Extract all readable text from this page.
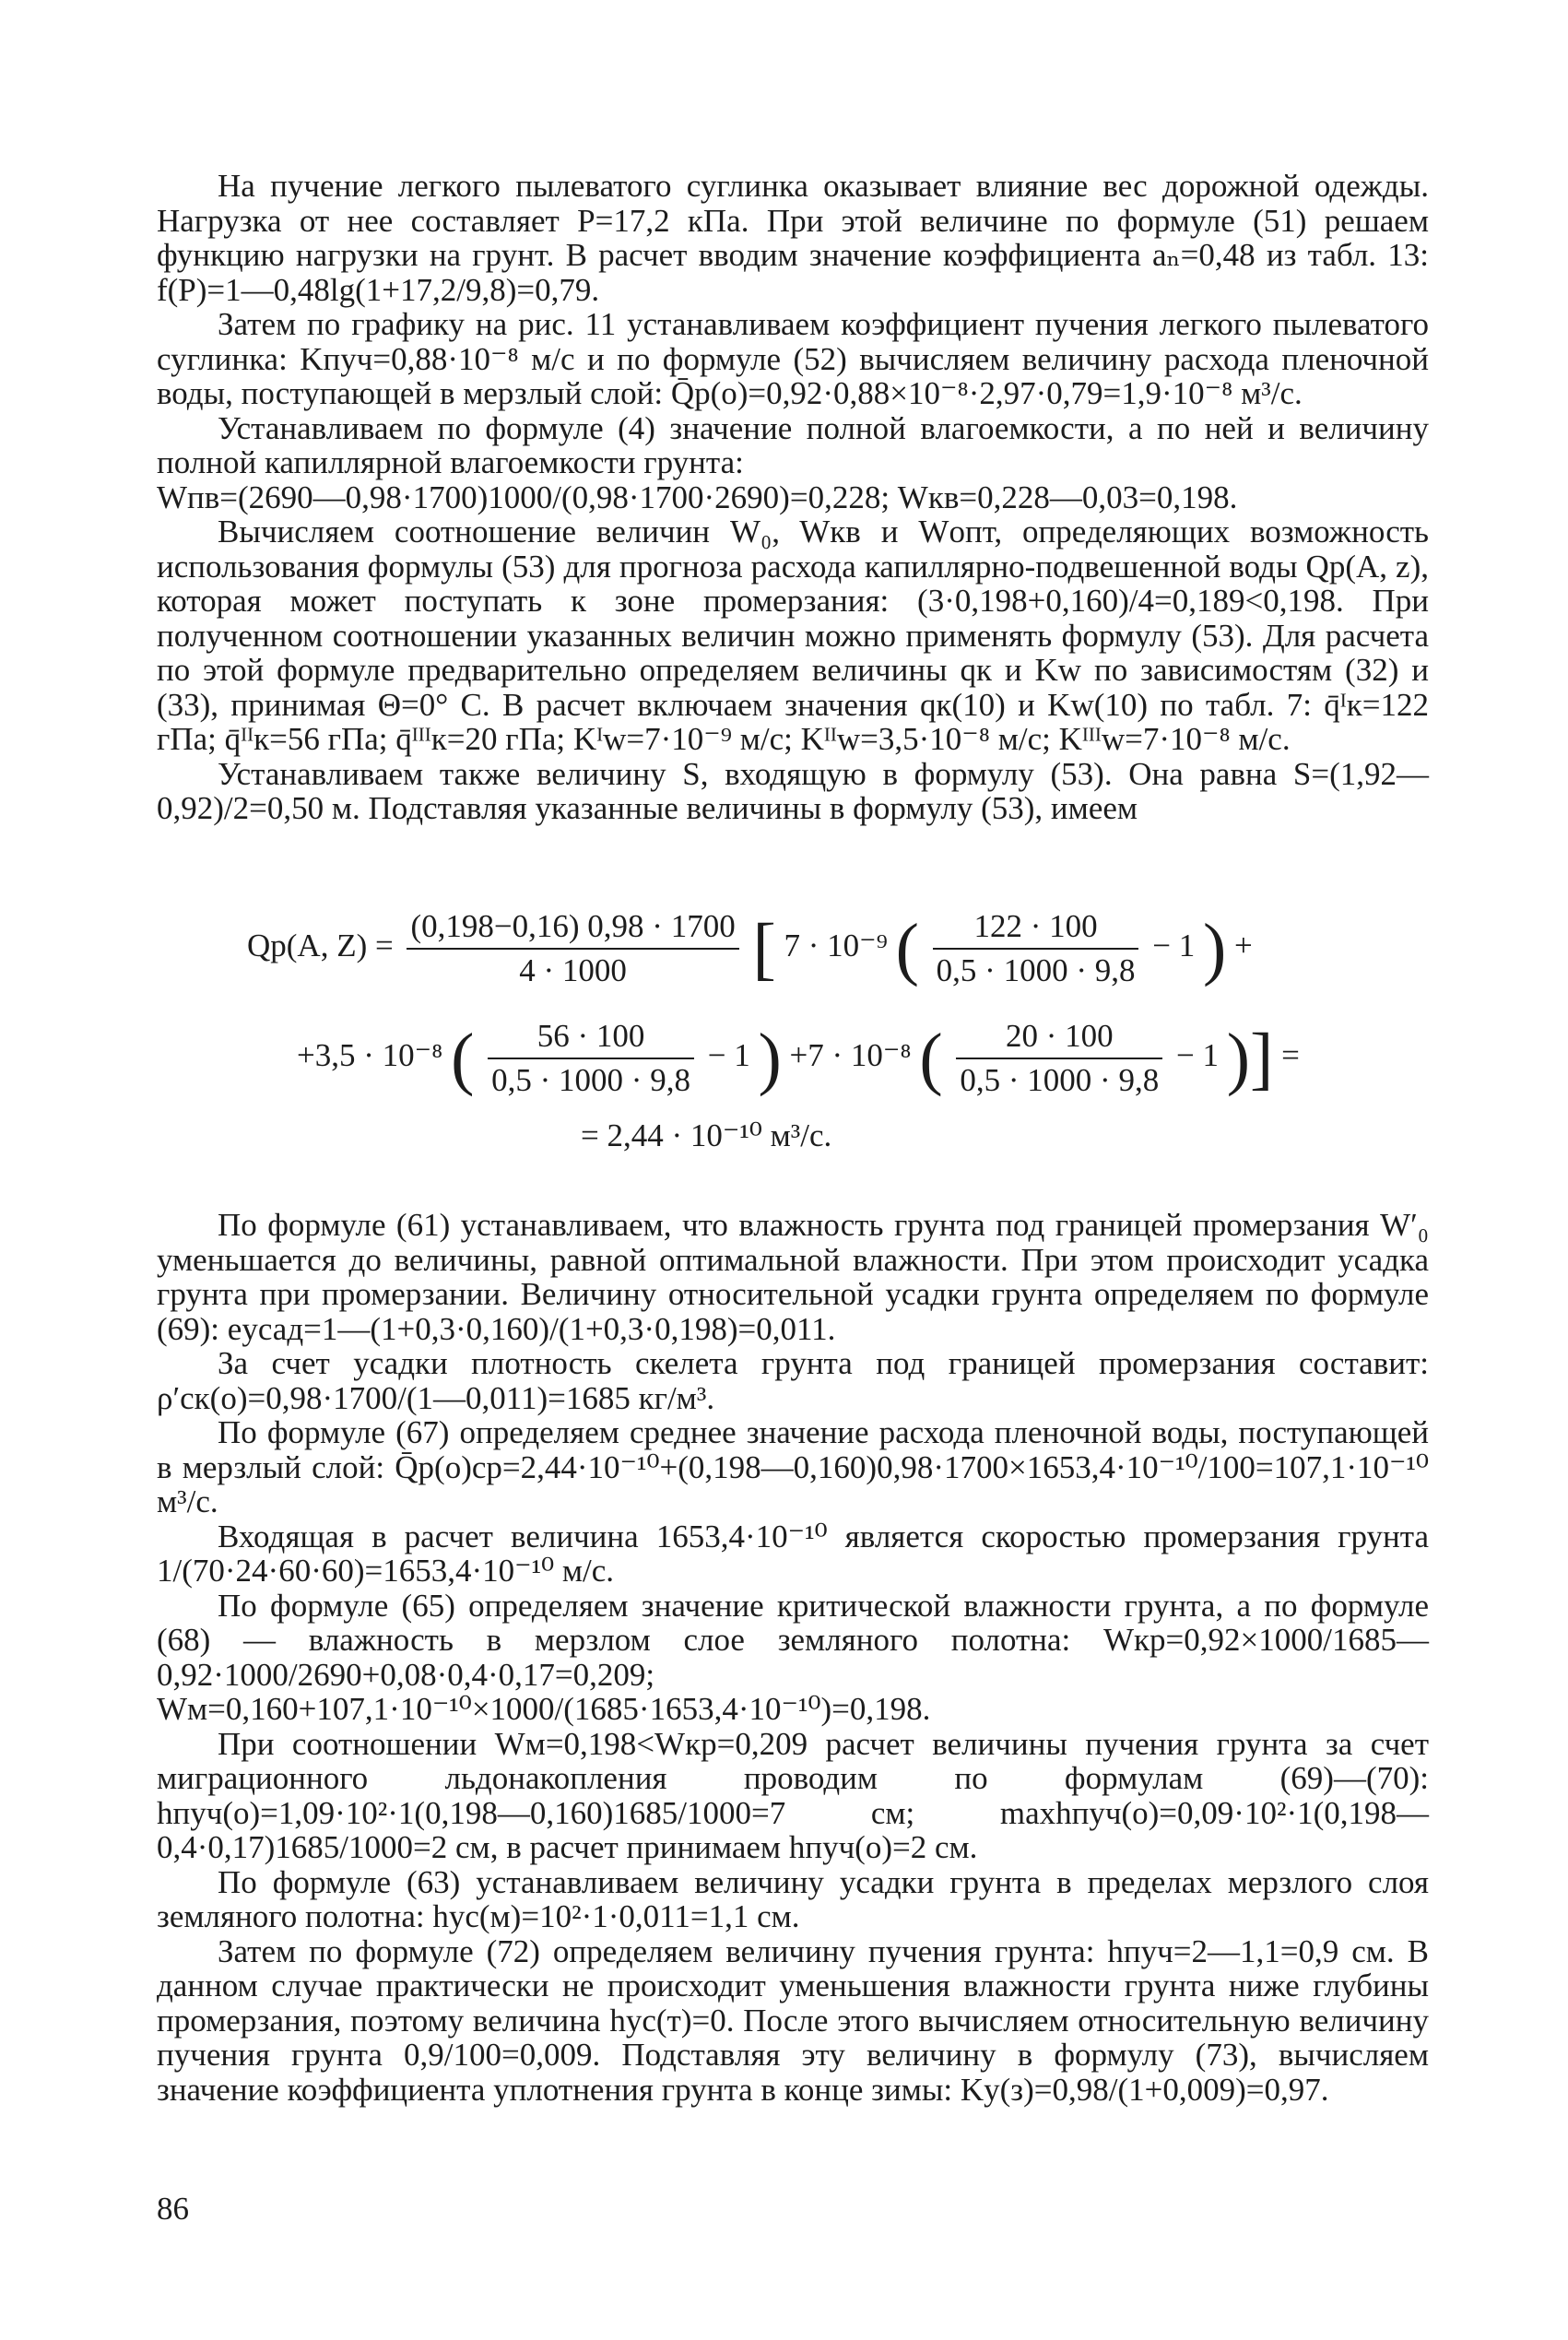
На пучение легкого пылеватого суглинка оказывает влияние вес дорожной одежды. Нагрузка от нее составляет P=17,2 кПа. При этой величине по формуле (51) решаем функцию нагрузки на грунт. В расчет вводим значение коэффициента aₙ=0,48 из табл. 13: f(P)=1—0,48lg(1+17,2/9,8)=0,79.

Затем по графику на рис. 11 устанавливаем коэффициент пучения легкого пылеватого суглинка: Kпуч=0,88·10⁻⁸ м/с и по формуле (52) вычисляем величину расхода пленочной воды, поступающей в мерзлый слой: Q̄р(о)=0,92·0,88×10⁻⁸·2,97·0,79=1,9·10⁻⁸ м³/с.

Устанавливаем по формуле (4) значение полной влагоемкости, а по ней и величину полной капиллярной влагоемкости грунта:

Wпв=(2690—0,98·1700)1000/(0,98·1700·2690)=0,228; Wкв=0,228—0,03=0,198.

Вычисляем соотношение величин W₀, Wкв и Wопт, определяющих возможность использования формулы (53) для прогноза расхода капиллярно-подвешенной воды Qр(A, z), которая может поступать к зоне промерзания: (3·0,198+0,160)/4=0,189<0,198. При полученном соотношении указанных величин можно применять формулу (53). Для расчета по этой формуле предварительно определяем величины qк и Kw по зависимостям (32) и (33), принимая Θ=0° C. В расчет включаем значения qк(10) и Kw(10) по табл. 7: q̄ᴵк=122 гПа; q̄ᴵᴵк=56 гПа; q̄ᴵᴵᴵк=20 гПа; Kᴵw=7·10⁻⁹ м/с; Kᴵᴵw=3,5·10⁻⁸ м/с; Kᴵᴵᴵw=7·10⁻⁸ м/с.

Устанавливаем также величину S, входящую в формулу (53). Она равна S=(1,92—0,92)/2=0,50 м. Подставляя указанные величины в формулу (53), имеем

Qр(A, $Z) = \frac{(0,198-0,16) 0,98 \cdot 1700}{4 \cdot 1000}$ [ 7 · 10⁻⁹ ( $\frac{122 \cdot 100}{0,5 \cdot 1000 \cdot 9,8} - 1$ ) +
+3,5 · 10⁻⁸ ( $\frac{56 \cdot 100}{0,5 \cdot 1000 \cdot 9,8} - 1$ ) +7 · 10⁻⁸ ( $\frac{20 \cdot 100}{0,5 \cdot 1000 \cdot 9,8} - 1$ )] =
= 2,44 · 10⁻¹⁰ м³/с.

По формуле (61) устанавливаем, что влажность грунта под границей промерзания W′₀ уменьшается до величины, равной оптимальной влажности. При этом происходит усадка грунта при промерзании. Величину относительной усадки грунта определяем по формуле (69): eусад=1—(1+0,3·0,160)/(1+0,3·0,198)=0,011.

За счет усадки плотность скелета грунта под границей промерзания составит: ρ′ск(о)=0,98·1700/(1—0,011)=1685 кг/м³.

По формуле (67) определяем среднее значение расхода пленочной воды, поступающей в мерзлый слой: Q̄р(о)ср=2,44·10⁻¹⁰+(0,198—0,160)0,98·1700×1653,4·10⁻¹⁰/100=107,1·10⁻¹⁰ м³/с.

Входящая в расчет величина 1653,4·10⁻¹⁰ является скоростью промерзания грунта 1/(70·24·60·60)=1653,4·10⁻¹⁰ м/с.

По формуле (65) определяем значение критической влажности грунта, а по формуле (68) — влажность в мерзлом слое земляного полотна: Wкр=0,92×1000/1685—0,92·1000/2690+0,08·0,4·0,17=0,209; Wм=0,160+107,1·10⁻¹⁰×1000/(1685·1653,4·10⁻¹⁰)=0,198.

При соотношении Wм=0,198<Wкр=0,209 расчет величины пучения грунта за счет миграционного льдонакопления проводим по формулам (69)—(70): hпуч(о)=1,09·10²·1(0,198—0,160)1685/1000=7 см; maxhпуч(о)=0,09·10²·1(0,198—0,4·0,17)1685/1000=2 см, в расчет принимаем hпуч(о)=2 см.

По формуле (63) устанавливаем величину усадки грунта в пределах мерзлого слоя земляного полотна: hус(м)=10²·1·0,011=1,1 см.

Затем по формуле (72) определяем величину пучения грунта: hпуч=2—1,1=0,9 см. В данном случае практически не происходит уменьшения влажности грунта ниже глубины промерзания, поэтому величина hус(т)=0. После этого вычисляем относительную величину пучения грунта 0,9/100=0,009. Подставляя эту величину в формулу (73), вычисляем значение коэффициента уплотнения грунта в конце зимы: Kу(з)=0,98/(1+0,009)=0,97.

86
